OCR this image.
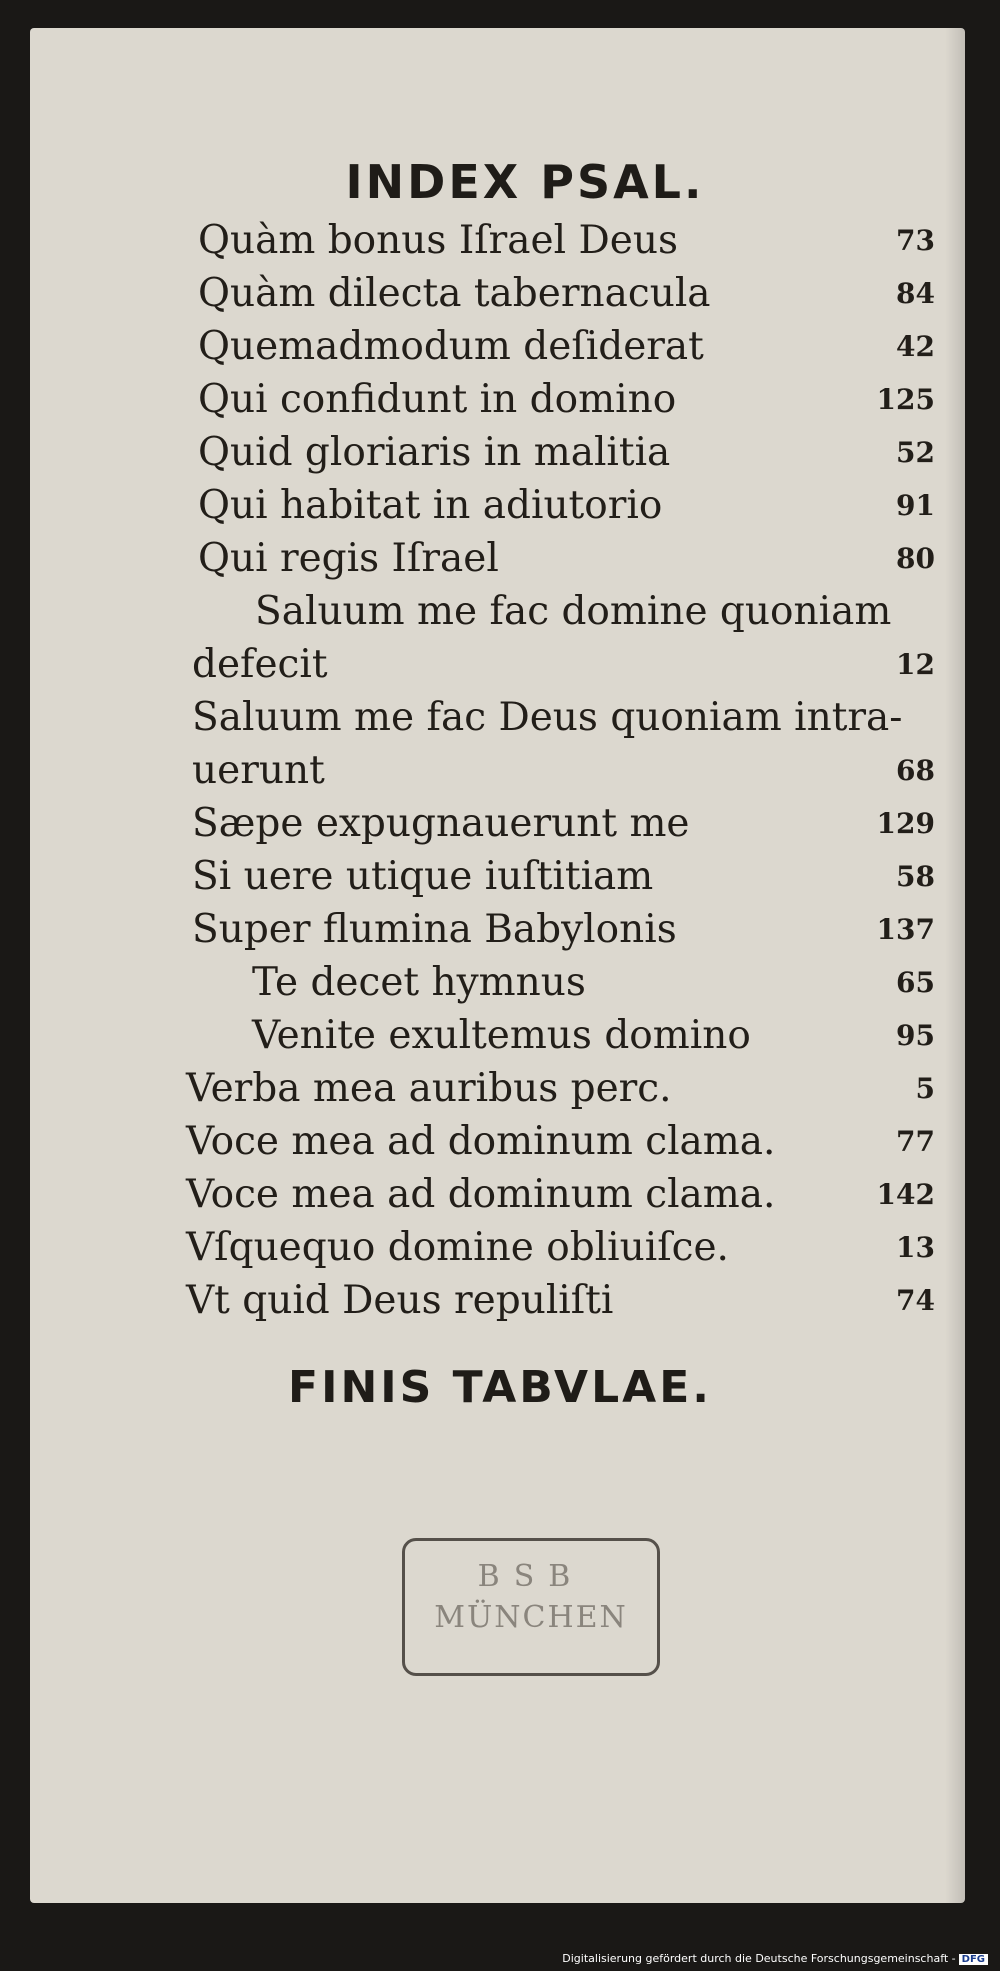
INDEX PSAL.
Quàm bonus Iſrael Deus	73
Quàm dilecta tabernacula	84
Quemadmodum deſiderat	42
Qui confidunt in domino	125
Quid gloriaris in malitia	52
Qui habitat in adiutorio	91
Qui regis Iſrael	80
Saluum me fac domine quoniam
defecit	12
Saluum me fac Deus quoniam intra-
uerunt	68
Sæpe expugnauerunt me	129
Si uere utique iuſtitiam	58
Super flumina Babylonis	137
Te decet hymnus	65
Venite exultemus domino	95
Verba mea auribus perc.	5
Voce mea ad dominum clama.	77
Voce mea ad dominum clama.	142
Vſquequo domine obliuiſce.	13
Vt quid Deus repuliſti	74
FINIS TABVLAE.
BSB
MÜNCHEN
Digitalisierung gefördert durch die Deutsche Forschungsgemeinschaft - DFG
